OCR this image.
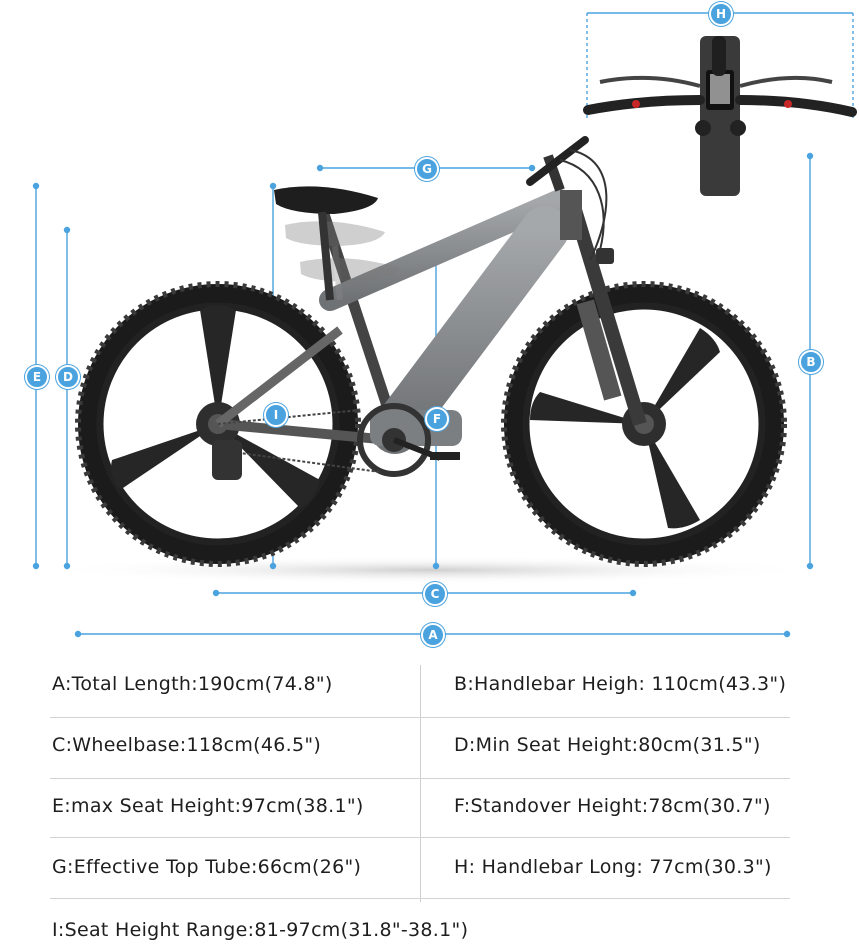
A
B
C
D
E
F
G
H
I
A:Total Length:190cm(74.8")	B:Handlebar Heigh: 110cm(43.3")
C:Wheelbase:118cm(46.5")	D:Min Seat Height:80cm(31.5")
E:max Seat Height:97cm(38.1")	F:Standover Height:78cm(30.7")
G:Effective Top Tube:66cm(26")	H: Handlebar Long: 77cm(30.3")
I:Seat Height Range:81-97cm(31.8"-38.1")
